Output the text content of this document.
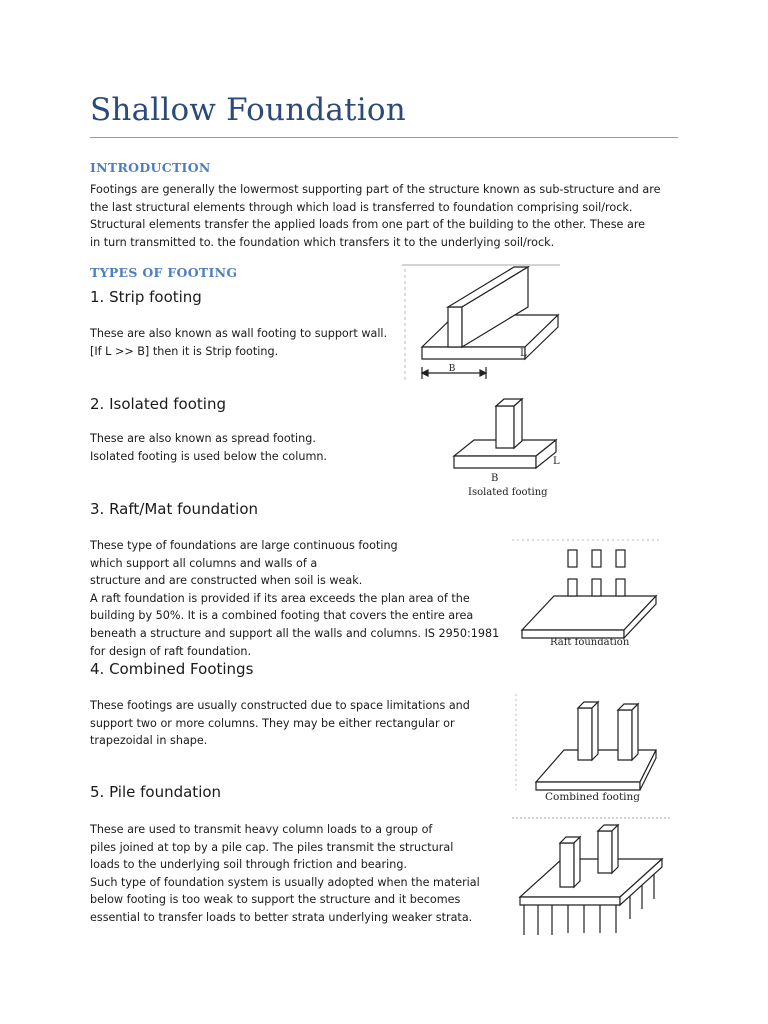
Shallow Foundation
INTRODUCTION
Footings are generally the lowermost supporting part of the structure known as sub-structure and are
the last structural elements through which load is transferred to foundation comprising soil/rock.
Structural elements transfer the applied loads from one part of the building to the other. These are
in turn transmitted to. the foundation which transfers it to the underlying soil/rock.
TYPES OF FOOTING
1. Strip footing
These are also known as wall footing to support wall.
[If L >> B] then it is Strip footing.
2. Isolated footing
These are also known as spread footing.
Isolated footing is used below the column.
3. Raft/Mat foundation
These type of foundations are large continuous footing
which support all columns and walls of a
structure and are constructed when soil is weak.
A raft foundation is provided if its area exceeds the plan area of the
building by 50%. It is a combined footing that covers the entire area
beneath a structure and support all the walls and columns. IS 2950:1981
for design of raft foundation.
4. Combined Footings
These footings are usually constructed due to space limitations and
support two or more columns. They may be either rectangular or
trapezoidal in shape.
5. Pile foundation
These are used to transmit heavy column loads to a group of
piles joined at top by a pile cap. The piles transmit the structural
loads to the underlying soil through friction and bearing.
Such type of foundation system is usually adopted when the material
below footing is too weak to support the structure and it becomes
essential to transfer loads to better strata underlying weaker strata.
B
L
B
L
Isolated footing
Raft foundation
Combined footing
